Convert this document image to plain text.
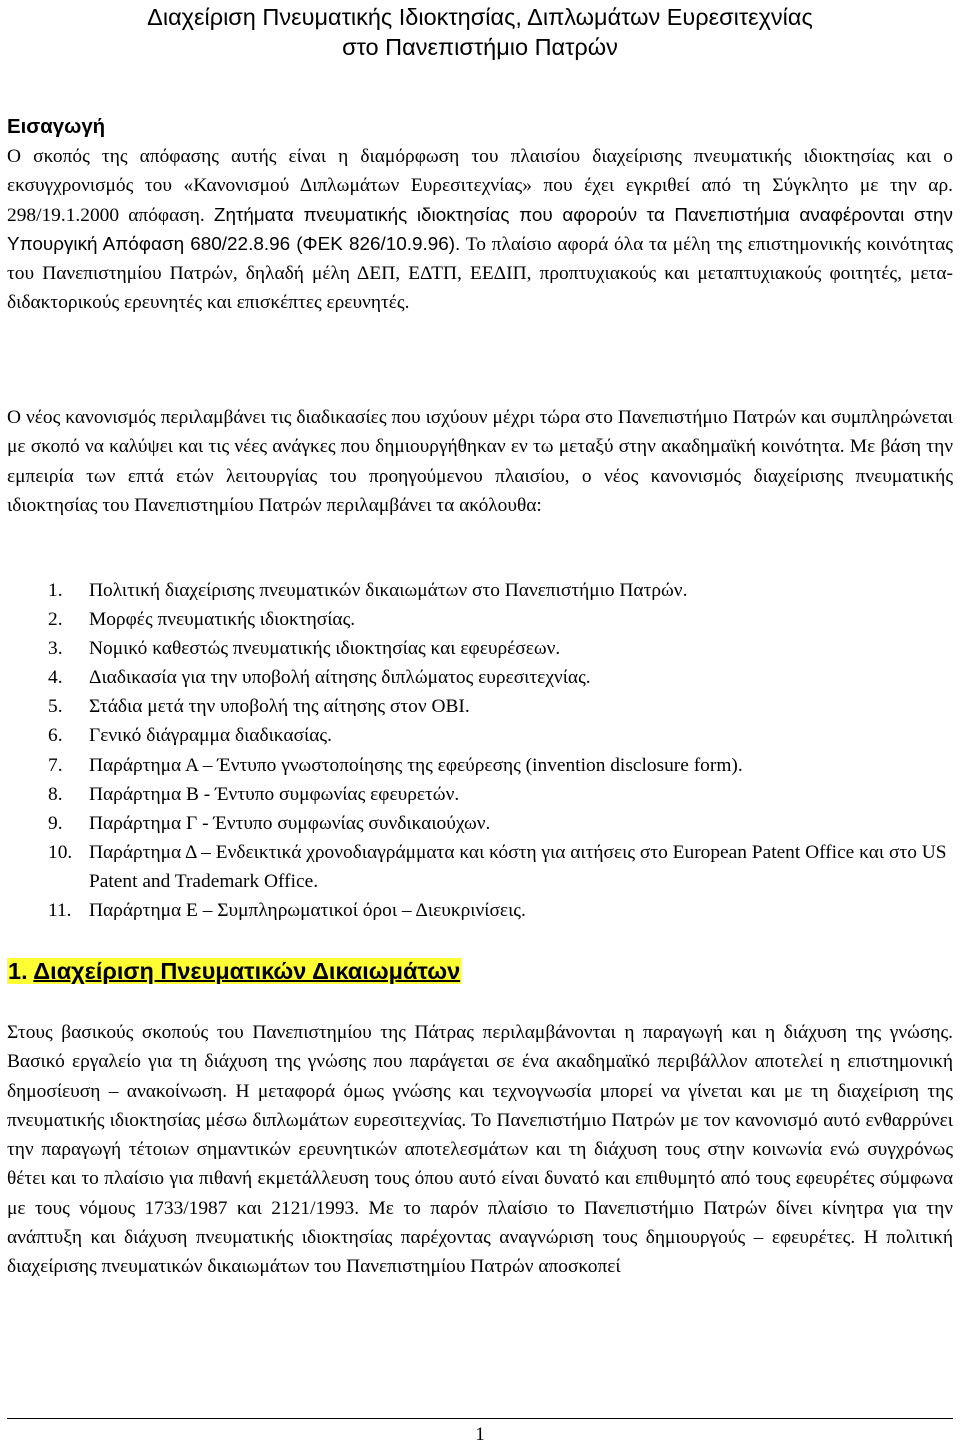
Διαχείριση Πνευματικής Ιδιοκτησίας, Διπλωμάτων Ευρεσιτεχνίας
στο Πανεπιστήμιο Πατρών
Εισαγωγή
Ο σκοπός της απόφασης αυτής είναι η διαμόρφωση του πλαισίου διαχείρισης πνευματικής ιδιοκτησίας και ο εκσυγχρονισμός του «Κανονισμού Διπλωμάτων Ευρεσιτεχνίας» που έχει εγκριθεί από τη Σύγκλητο με την αρ. 298/19.1.2000 απόφαση. Ζητήματα πνευματικής ιδιοκτησίας που αφορούν τα Πανεπιστήμια αναφέρονται στην Υπουργική Απόφαση 680/22.8.96 (ΦΕΚ 826/10.9.96). Το πλαίσιο αφορά όλα τα μέλη της επιστημονικής κοινότητας του Πανεπιστημίου Πατρών, δηλαδή μέλη ΔΕΠ, ΕΔΤΠ, ΕΕΔΙΠ, προπτυχιακούς και μεταπτυχιακούς φοιτητές, μετα-διδακτορικούς ερευνητές και επισκέπτες ερευνητές.
Ο νέος κανονισμός περιλαμβάνει τις διαδικασίες που ισχύουν μέχρι τώρα στο Πανεπιστήμιο Πατρών και συμπληρώνεται με σκοπό να καλύψει και τις νέες ανάγκες που δημιουργήθηκαν εν τω μεταξύ στην ακαδημαϊκή κοινότητα. Με βάση την εμπειρία των επτά ετών λειτουργίας του προηγούμενου πλαισίου, ο νέος κανονισμός διαχείρισης πνευματικής ιδιοκτησίας του Πανεπιστημίου Πατρών περιλαμβάνει τα ακόλουθα:
1.	Πολιτική διαχείρισης πνευματικών δικαιωμάτων στο Πανεπιστήμιο Πατρών.
2.	Μορφές πνευματικής ιδιοκτησίας.
3.	Νομικό καθεστώς πνευματικής ιδιοκτησίας και εφευρέσεων.
4.	Διαδικασία για την υποβολή αίτησης διπλώματος ευρεσιτεχνίας.
5.	Στάδια μετά την υποβολή της αίτησης στον ΟΒΙ.
6.	Γενικό διάγραμμα διαδικασίας.
7.	Παράρτημα Α – Έντυπο γνωστοποίησης της εφεύρεσης (invention disclosure form).
8.	Παράρτημα Β - Έντυπο συμφωνίας εφευρετών.
9.	Παράρτημα Γ - Έντυπο συμφωνίας συνδικαιούχων.
10. Παράρτημα Δ – Ενδεικτικά χρονοδιαγράμματα και κόστη για αιτήσεις στο European Patent Office και στο US Patent and Trademark Office.
11. Παράρτημα Ε – Συμπληρωματικοί όροι – Διευκρινίσεις.
1. Διαχείριση Πνευματικών Δικαιωμάτων
Στους βασικούς σκοπούς του Πανεπιστημίου της Πάτρας περιλαμβάνονται η παραγωγή και η διάχυση της γνώσης. Βασικό εργαλείο για τη διάχυση της γνώσης που παράγεται σε ένα ακαδημαϊκό περιβάλλον αποτελεί η επιστημονική δημοσίευση – ανακοίνωση. Η μεταφορά όμως γνώσης και τεχνογνωσία μπορεί να γίνεται και με τη διαχείριση της πνευματικής ιδιοκτησίας μέσω διπλωμάτων ευρεσιτεχνίας. Το Πανεπιστήμιο Πατρών με τον κανονισμό αυτό ενθαρρύνει την παραγωγή τέτοιων σημαντικών ερευνητικών αποτελεσμάτων και τη διάχυση τους στην κοινωνία ενώ συγχρόνως θέτει και το πλαίσιο για πιθανή εκμετάλλευση τους όπου αυτό είναι δυνατό και επιθυμητό από τους εφευρέτες σύμφωνα με τους νόμους 1733/1987 και 2121/1993. Με το παρόν πλαίσιο το Πανεπιστήμιο Πατρών δίνει κίνητρα για την ανάπτυξη και διάχυση πνευματικής ιδιοκτησίας παρέχοντας αναγνώριση τους δημιουργούς – εφευρέτες. Η πολιτική διαχείρισης πνευματικών δικαιωμάτων του Πανεπιστημίου Πατρών αποσκοπεί
1
